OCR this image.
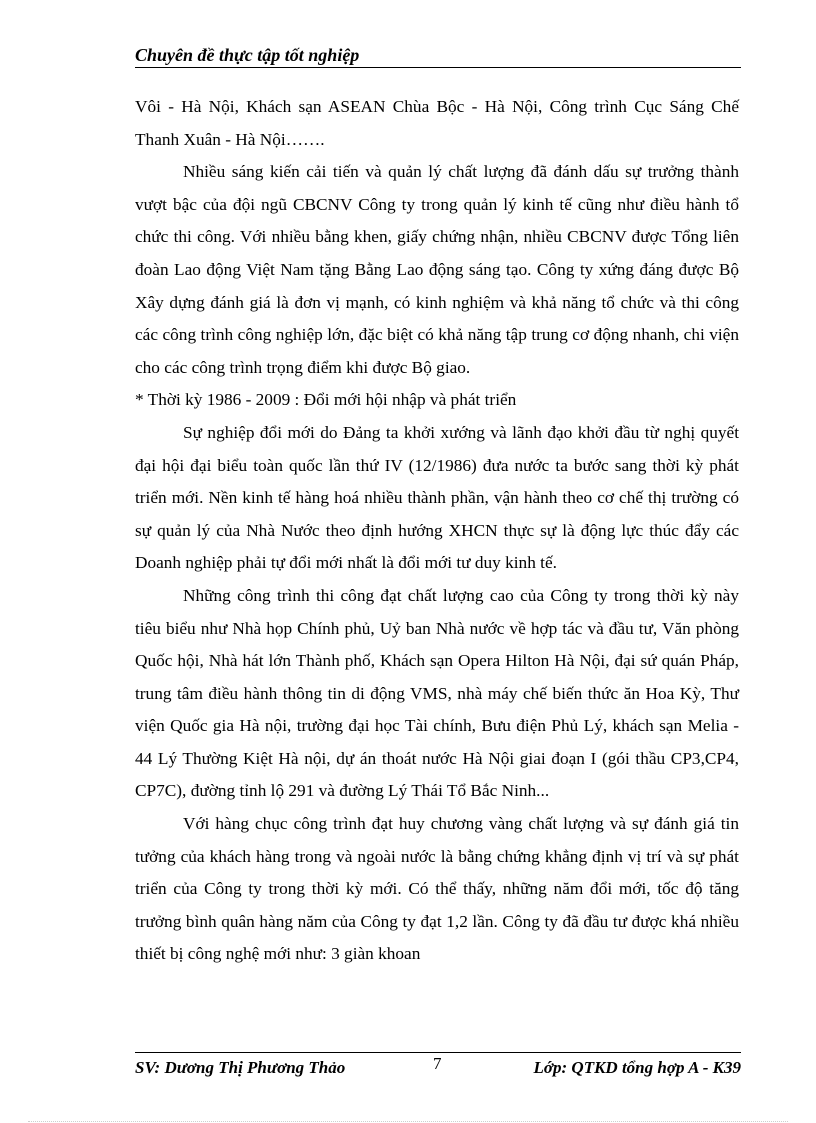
Chuyên đề thực tập tốt nghiệp

Vôi - Hà Nội, Khách sạn ASEAN Chùa Bộc - Hà Nội, Công trình Cục Sáng Chế Thanh Xuân - Hà Nội…….

Nhiều sáng kiến cải tiến và quản lý chất lượng đã đánh dấu sự trưởng thành vượt bậc của đội ngũ CBCNV Công ty trong quản lý kinh tế cũng như điều hành tổ chức thi công. Với nhiều bằng khen, giấy chứng nhận, nhiều CBCNV được Tổng liên đoàn Lao động Việt Nam tặng Bằng Lao động sáng tạo. Công ty xứng đáng được Bộ Xây dựng đánh giá là đơn vị mạnh, có kinh nghiệm và khả năng tổ chức và thi công các công trình công nghiệp lớn, đặc biệt có khả năng tập trung cơ động nhanh, chi viện cho các công trình trọng điểm khi được Bộ giao.

* Thời kỳ 1986 - 2009 : Đổi mới hội nhập và phát triển

Sự nghiệp đổi mới do Đảng ta khởi xướng và lãnh đạo khởi đầu từ nghị quyết đại hội đại biểu toàn quốc lần thứ IV (12/1986) đưa nước ta bước sang thời kỳ phát triển mới. Nền kinh tế hàng hoá nhiều thành phần, vận hành theo cơ chế thị trường có sự quản lý của Nhà Nước theo định hướng XHCN thực sự là động lực thúc đẩy các Doanh nghiệp phải tự đổi mới nhất là đổi mới tư duy kinh tế.

Những công trình thi công đạt chất lượng cao của Công ty trong thời kỳ này tiêu biểu như Nhà họp Chính phủ, Uỷ ban Nhà nước về hợp tác và đầu tư, Văn phòng Quốc hội, Nhà hát lớn Thành phố, Khách sạn Opera Hilton Hà Nội, đại sứ quán Pháp, trung tâm điều hành thông tin di động VMS, nhà máy chế biến thức ăn Hoa Kỳ, Thư viện Quốc gia Hà nội, trường đại học Tài chính, Bưu điện Phủ Lý, khách sạn Melia - 44 Lý Thường Kiệt Hà nội, dự án thoát nước Hà Nội giai đoạn I (gói thầu CP3,CP4, CP7C), đường tỉnh lộ 291 và đường Lý Thái Tổ Bắc Ninh...

Với hàng chục công trình đạt huy chương vàng chất lượng và sự đánh giá tin tưởng của khách hàng trong và ngoài nước là bằng chứng khẳng định vị trí và sự phát triển của Công ty trong thời kỳ mới. Có thể thấy, những năm đổi mới, tốc độ tăng trưởng bình quân hàng năm của Công ty đạt 1,2 lần. Công ty đã đầu tư được khá nhiều thiết bị công nghệ mới như: 3 giàn khoan

SV: Dương Thị Phương Thảo	7	Lớp: QTKD tổng hợp A - K39
